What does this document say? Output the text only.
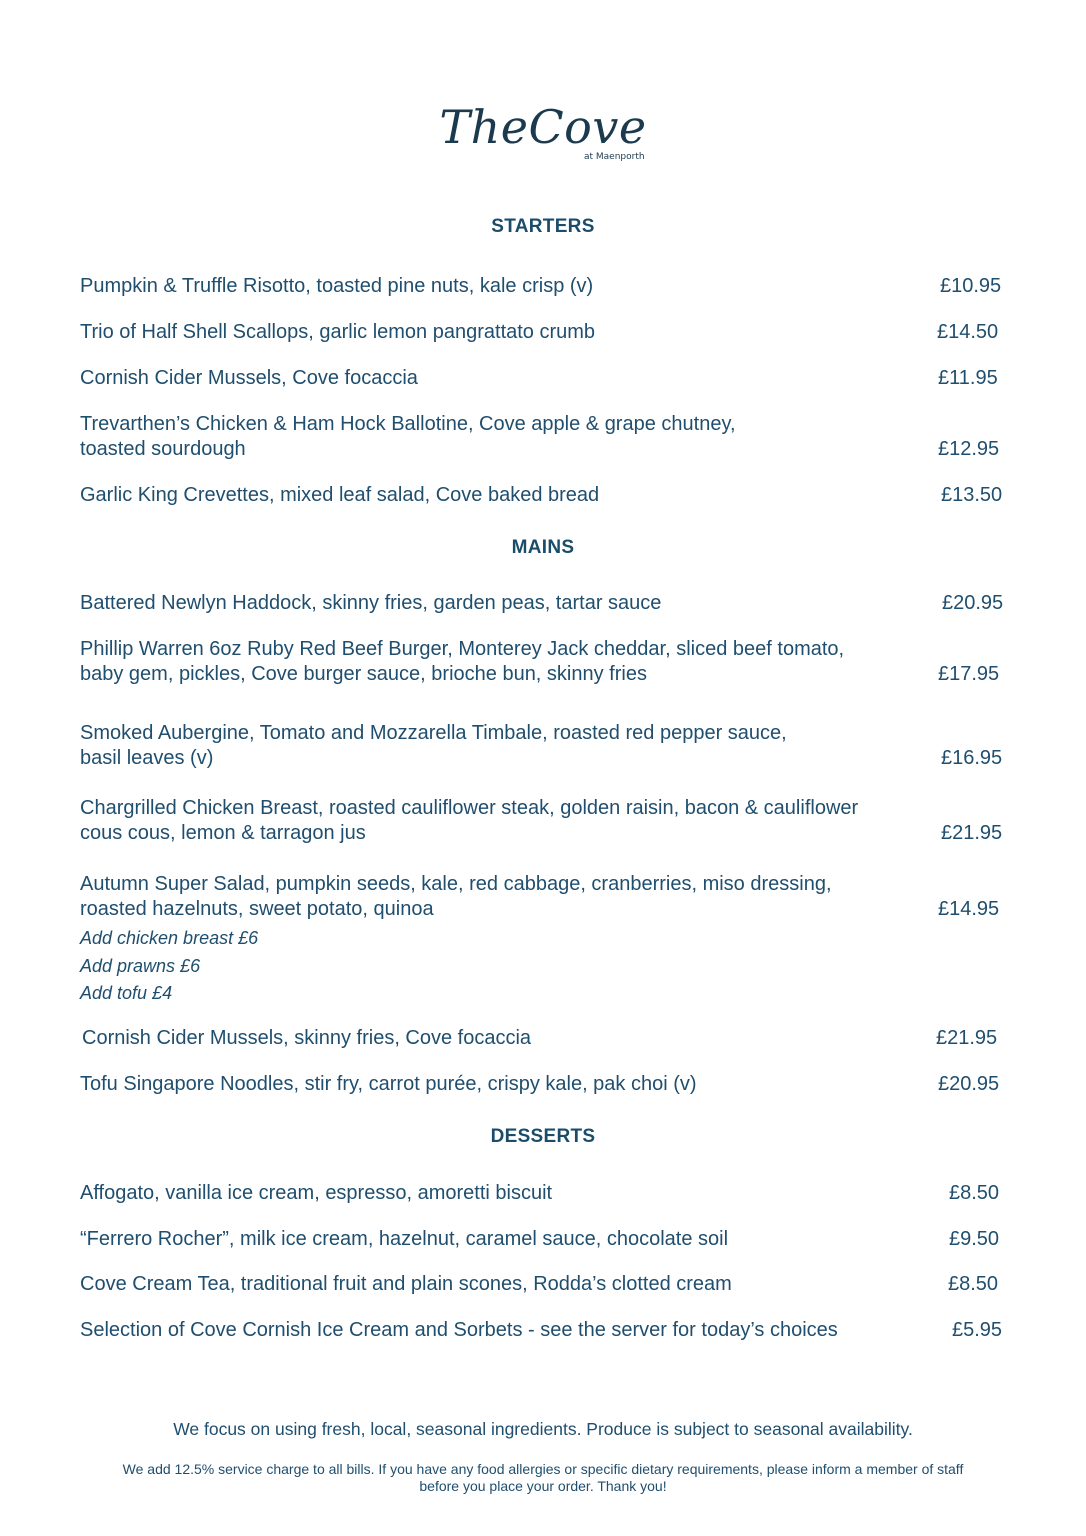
TheCove
at Maenporth
STARTERS
Pumpkin & Truffle Risotto, toasted pine nuts, kale crisp (v)	£10.95
Trio of Half Shell Scallops, garlic lemon pangrattato crumb	£14.50
Cornish Cider Mussels, Cove focaccia	£11.95
Trevarthen’s Chicken & Ham Hock Ballotine, Cove apple & grape chutney,
toasted sourdough	£12.95
Garlic King Crevettes, mixed leaf salad, Cove baked bread	£13.50
MAINS
Battered Newlyn Haddock, skinny fries, garden peas, tartar sauce	£20.95
Phillip Warren 6oz Ruby Red Beef Burger, Monterey Jack cheddar, sliced beef tomato,
baby gem, pickles, Cove burger sauce, brioche bun, skinny fries	£17.95
Smoked Aubergine, Tomato and Mozzarella Timbale, roasted red pepper sauce,
basil leaves (v)	£16.95
Chargrilled Chicken Breast, roasted cauliflower steak, golden raisin, bacon & cauliflower
cous cous, lemon & tarragon jus	£21.95
Autumn Super Salad, pumpkin seeds, kale, red cabbage, cranberries, miso dressing,
roasted hazelnuts, sweet potato, quinoa	£14.95
Add chicken breast £6
Add prawns £6
Add tofu £4
Cornish Cider Mussels, skinny fries, Cove focaccia	£21.95
Tofu Singapore Noodles, stir fry, carrot purée, crispy kale, pak choi (v)	£20.95
DESSERTS
Affogato, vanilla ice cream, espresso, amoretti biscuit	£8.50
“Ferrero Rocher”, milk ice cream, hazelnut, caramel sauce, chocolate soil	£9.50
Cove Cream Tea, traditional fruit and plain scones, Rodda’s clotted cream	£8.50
Selection of Cove Cornish Ice Cream and Sorbets - see the server for today’s choices	£5.95
We focus on using fresh, local, seasonal ingredients. Produce is subject to seasonal availability.
We add 12.5% service charge to all bills. If you have any food allergies or specific dietary requirements, please inform a member of staff
before you place your order. Thank you!
